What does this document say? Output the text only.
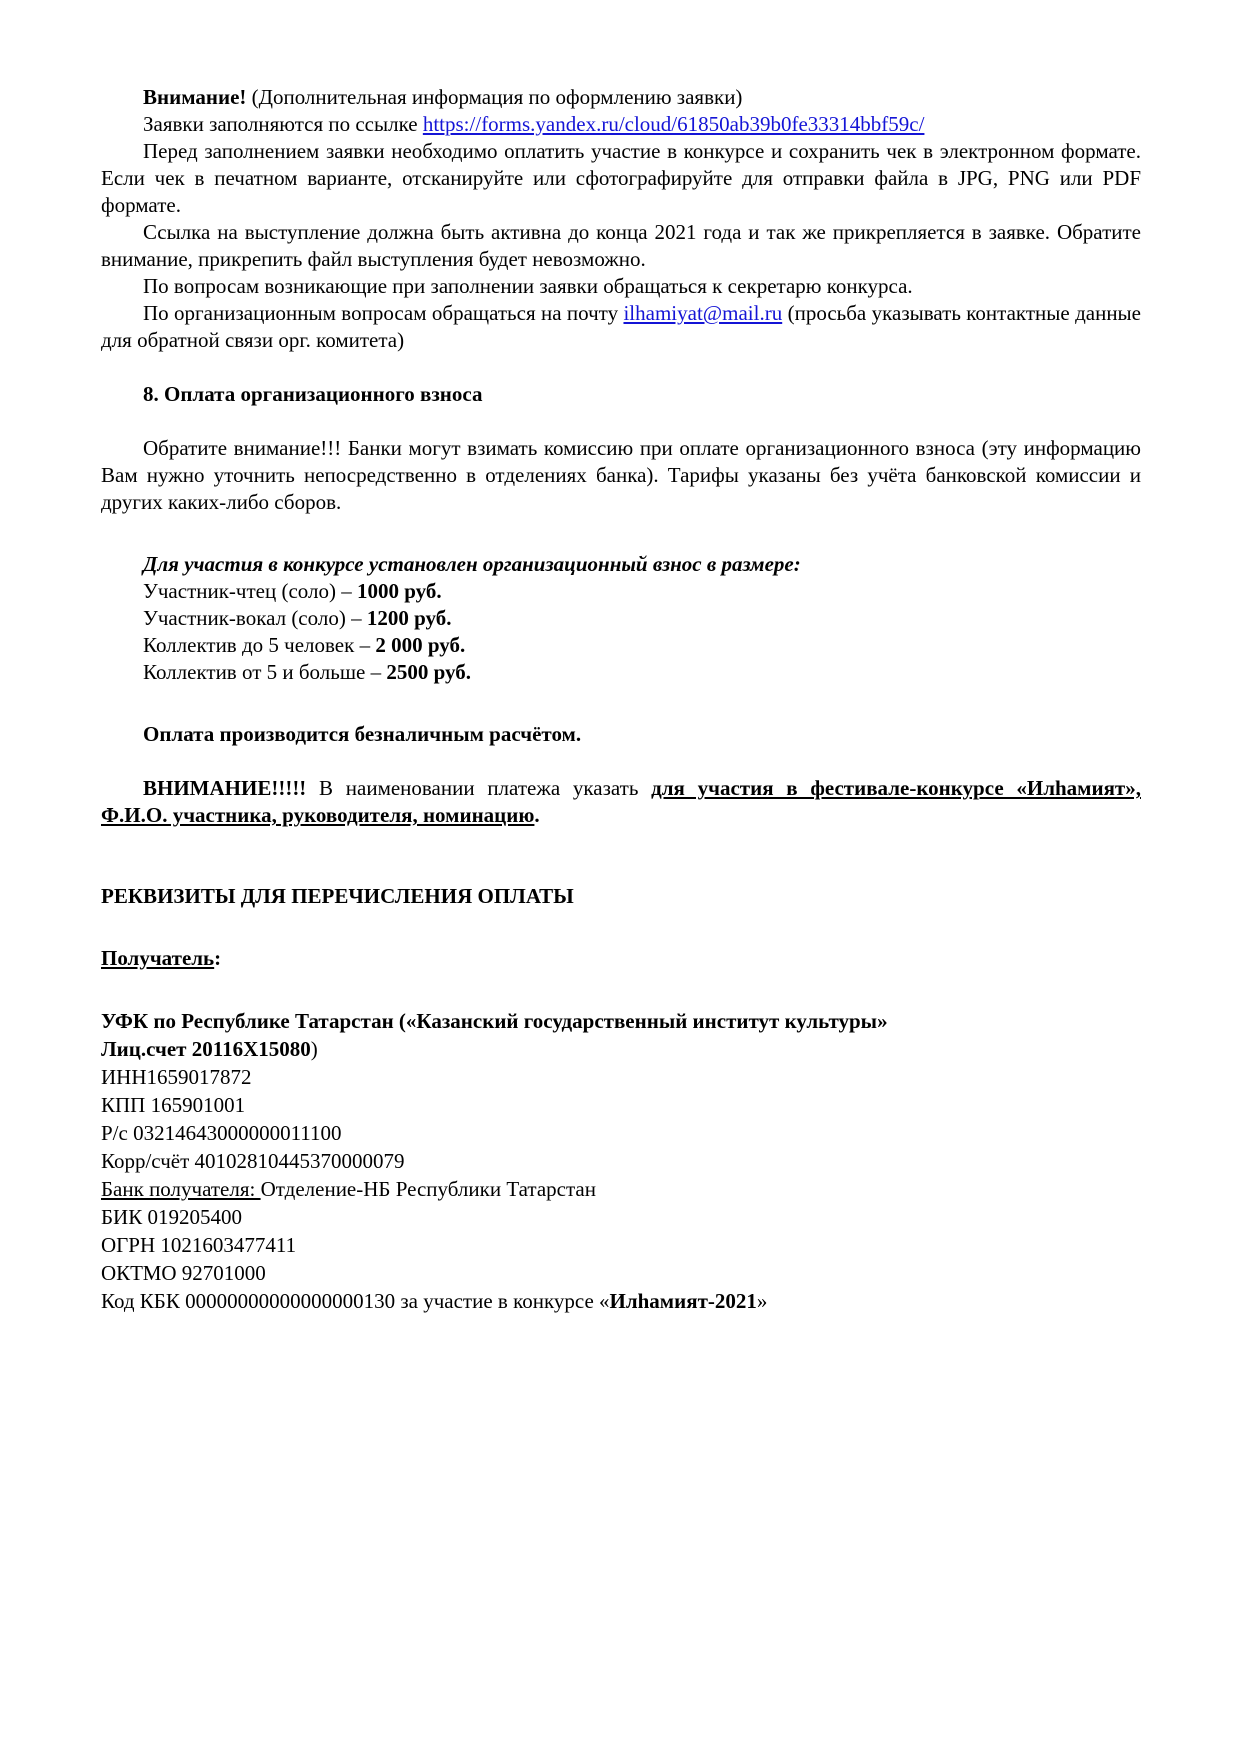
Внимание! (Дополнительная информация по оформлению заявки)

Заявки заполняются по ссылке https://forms.yandex.ru/cloud/61850ab39b0fe33314bbf59c/

Перед заполнением заявки необходимо оплатить участие в конкурсе и сохранить чек в электронном формате. Если чек в печатном варианте, отсканируйте или сфотографируйте для отправки файла в JPG, PNG или PDF формате.

Ссылка на выступление должна быть активна до конца 2021 года и так же прикрепляется в заявке. Обратите внимание, прикрепить файл выступления будет невозможно.

По вопросам возникающие при заполнении заявки обращаться к секретарю конкурса.

По организационным вопросам обращаться на почту ilhamiyat@mail.ru (просьба указывать контактные данные для обратной связи орг. комитета)

8. Оплата организационного взноса

Обратите внимание!!! Банки могут взимать комиссию при оплате организационного взноса (эту информацию Вам нужно уточнить непосредственно в отделениях банка). Тарифы указаны без учёта банковской комиссии и других каких-либо сборов.

Для участия в конкурсе установлен организационный взнос в размере:

Участник-чтец (соло) – 1000 руб.

Участник-вокал (соло) – 1200 руб.

Коллектив до 5 человек – 2 000 руб.

Коллектив от 5 и больше – 2500 руб.

Оплата производится безналичным расчётом.

ВНИМАНИЕ!!!!! В наименовании платежа указать для участия в фестивале-конкурсе «Илhамият», Ф.И.О. участника, руководителя, номинацию.

РЕКВИЗИТЫ ДЛЯ ПЕРЕЧИСЛЕНИЯ ОПЛАТЫ

Получатель:

УФК по Республике Татарстан («Казанский государственный институт культуры»

Лиц.счет 20116Х15080)

ИНН1659017872

КПП 165901001

Р/с 03214643000000011100

Корр/счёт 40102810445370000079

Банк получателя: Отделение-НБ Республики Татарстан

БИК 019205400

ОГРН 1021603477411

ОКТМО 92701000

Код КБК 00000000000000000130 за участие в конкурсе «Илhамият-2021»
